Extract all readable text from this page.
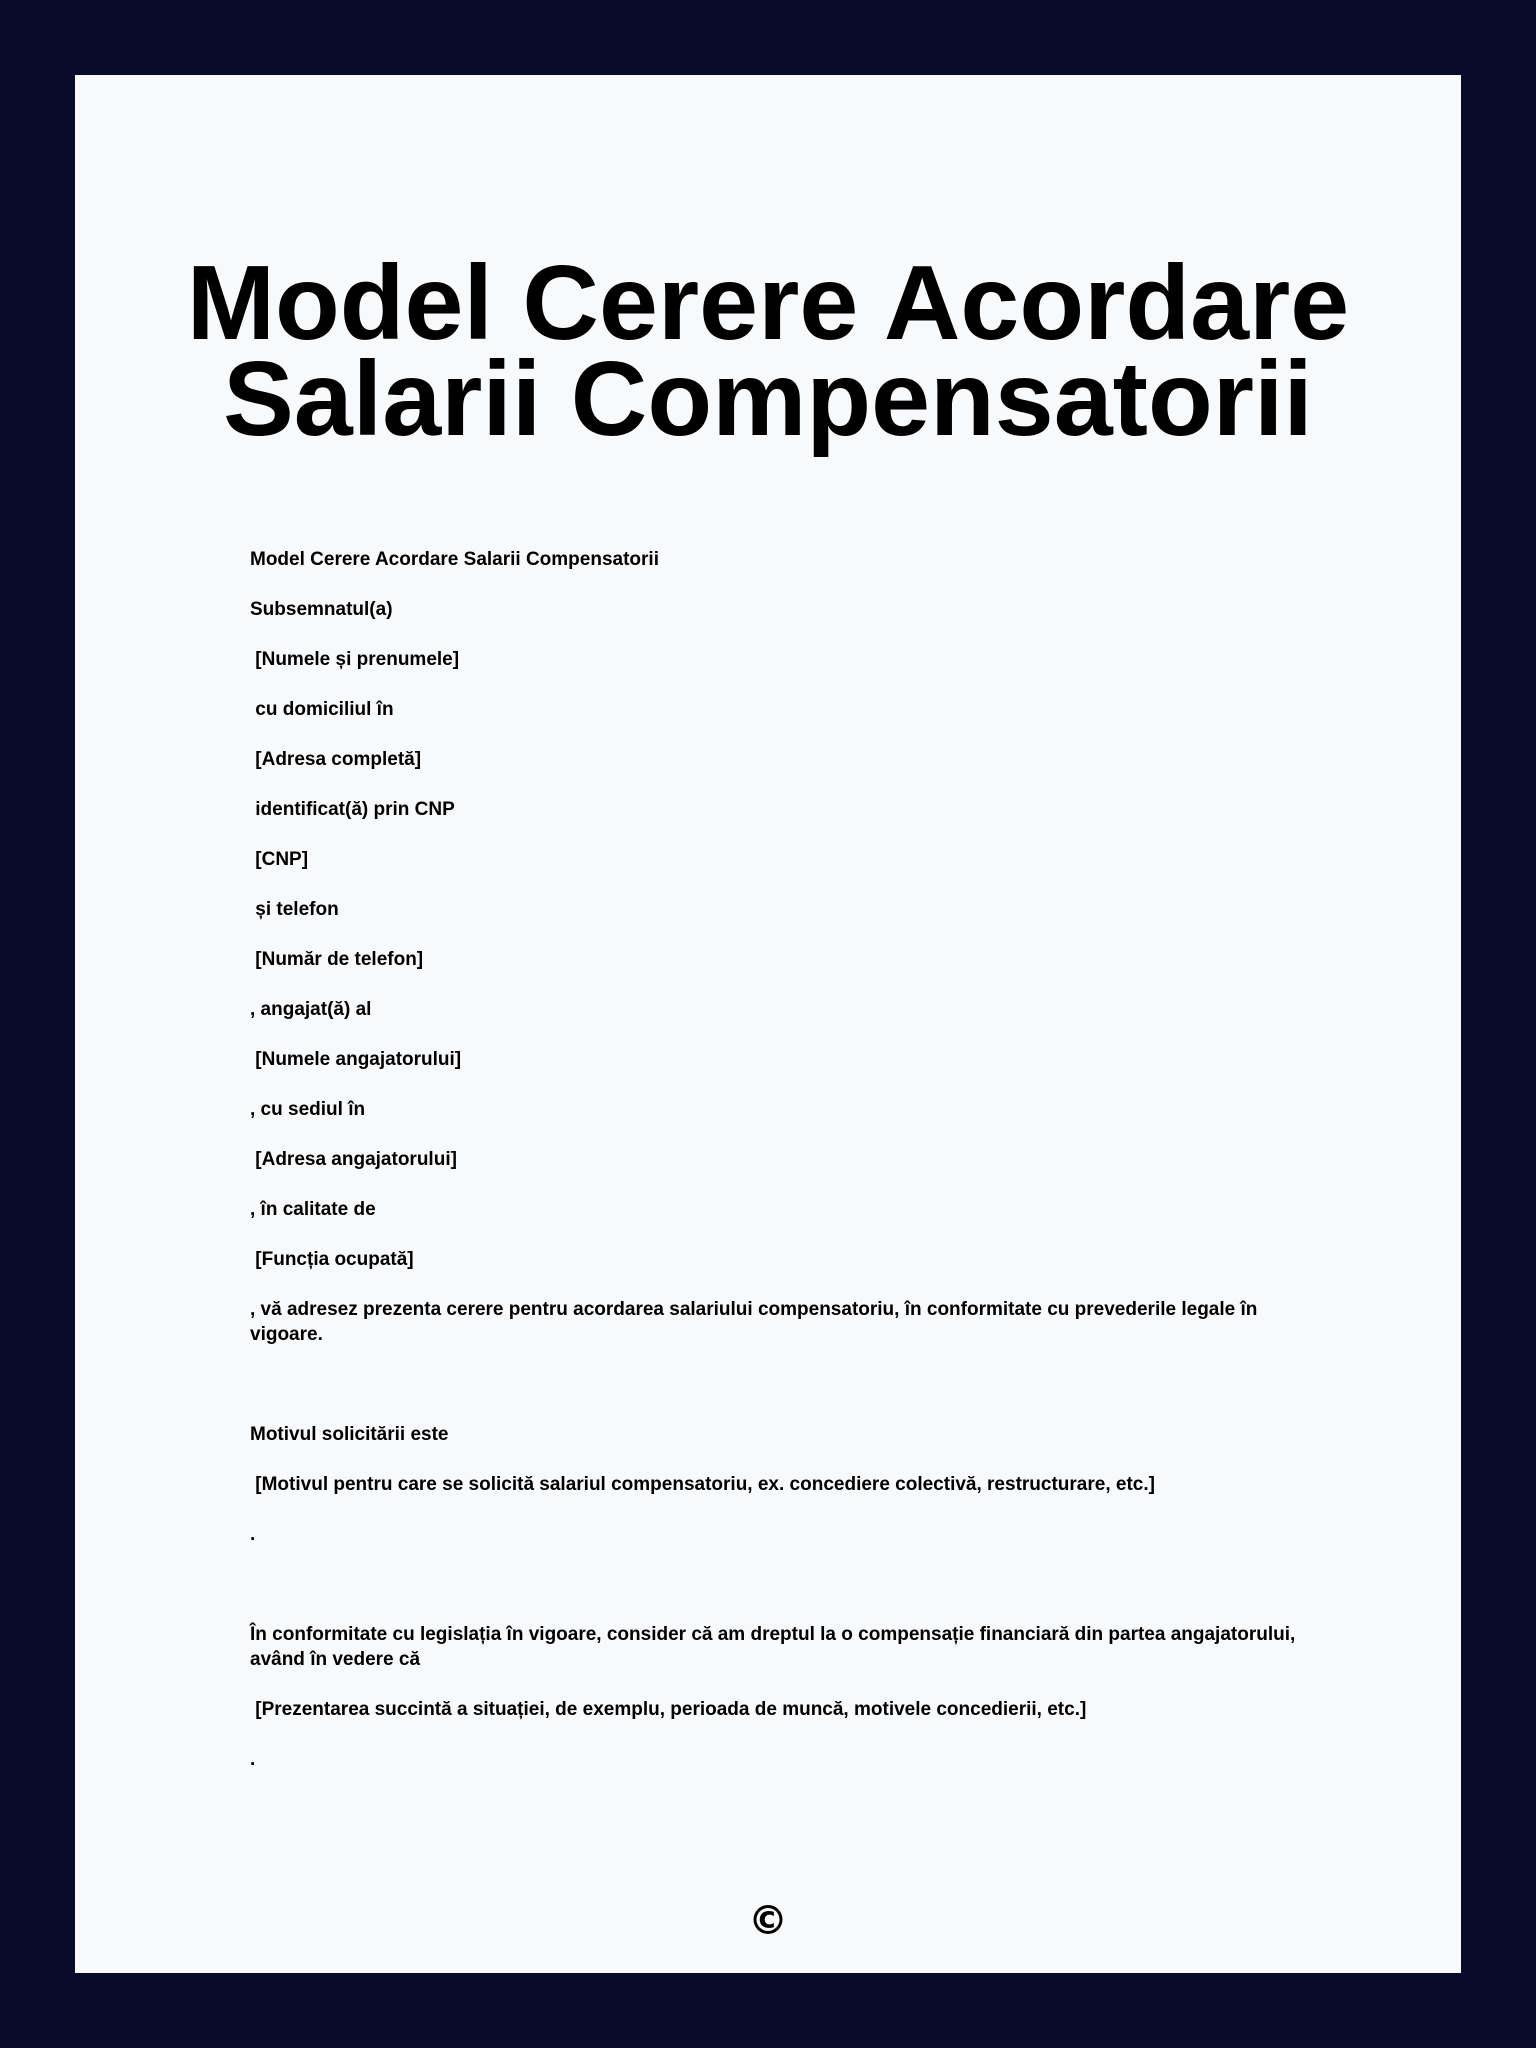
Model Cerere Acordare
Salarii Compensatorii

Model Cerere Acordare Salarii Compensatorii

Subsemnatul(a)

[Numele și prenumele]

cu domiciliul în

[Adresa completă]

identificat(ă) prin CNP

[CNP]

și telefon

[Număr de telefon]

, angajat(ă) al

[Numele angajatorului]

, cu sediul în

[Adresa angajatorului]

, în calitate de

[Funcția ocupată]

, vă adresez prezenta cerere pentru acordarea salariului compensatoriu, în conformitate cu prevederile legale în vigoare.

Motivul solicitării este

[Motivul pentru care se solicită salariul compensatoriu, ex. concediere colectivă, restructurare, etc.]

.

În conformitate cu legislația în vigoare, consider că am dreptul la o compensație financiară din partea angajatorului, având în vedere că

[Prezentarea succintă a situației, de exemplu, perioada de muncă, motivele concedierii, etc.]

.

©
